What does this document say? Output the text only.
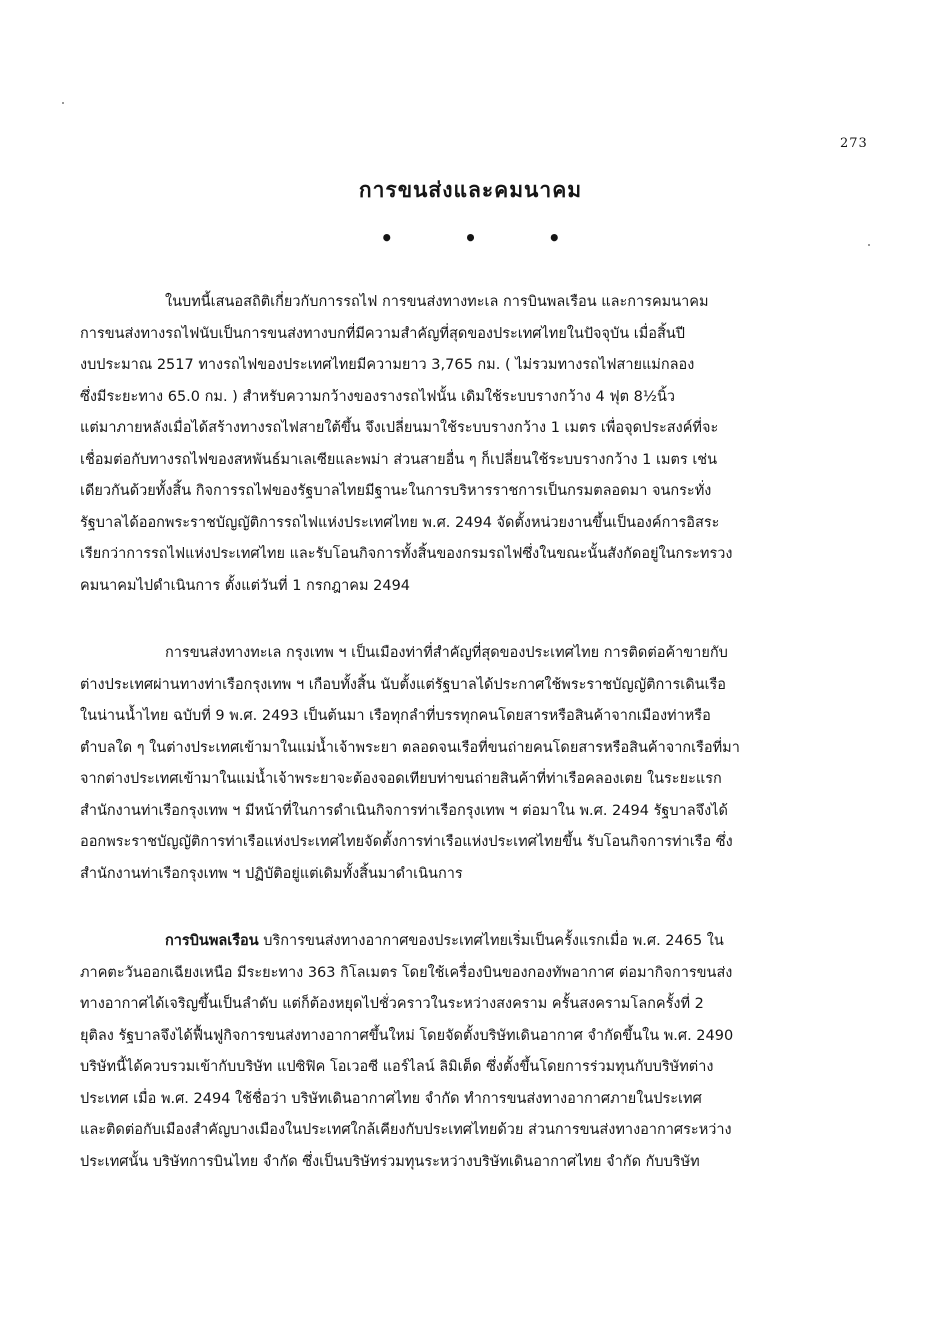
273
การขนส่งและคมนาคม
• • •
ในบทนี้เสนอสถิติเกี่ยวกับการรถไฟ การขนส่งทางทะเล การบินพลเรือน และการคมนาคม
การขนส่งทางรถไฟนับเป็นการขนส่งทางบกที่มีความสำคัญที่สุดของประเทศไทยในปัจจุบัน เมื่อสิ้นปี
งบประมาณ 2517 ทางรถไฟของประเทศไทยมีความยาว 3,765 กม. ( ไม่รวมทางรถไฟสายแม่กลอง
ซึ่งมีระยะทาง 65.0 กม. ) สำหรับความกว้างของรางรถไฟนั้น เดิมใช้ระบบรางกว้าง 4 ฟุต 8½นิ้ว
แต่มาภายหลังเมื่อได้สร้างทางรถไฟสายใต้ขึ้น จึงเปลี่ยนมาใช้ระบบรางกว้าง 1 เมตร เพื่อจุดประสงค์ที่จะ
เชื่อมต่อกับทางรถไฟของสหพันธ์มาเลเซียและพม่า ส่วนสายอื่น ๆ ก็เปลี่ยนใช้ระบบรางกว้าง 1 เมตร เช่น
เดียวกันด้วยทั้งสิ้น กิจการรถไฟของรัฐบาลไทยมีฐานะในการบริหารราชการเป็นกรมตลอดมา จนกระทั่ง
รัฐบาลได้ออกพระราชบัญญัติการรถไฟแห่งประเทศไทย พ.ศ. 2494 จัดตั้งหน่วยงานขึ้นเป็นองค์การอิสระ
เรียกว่าการรถไฟแห่งประเทศไทย และรับโอนกิจการทั้งสิ้นของกรมรถไฟซึ่งในขณะนั้นสังกัดอยู่ในกระทรวง
คมนาคมไปดำเนินการ ตั้งแต่วันที่ 1 กรกฎาคม 2494
การขนส่งทางทะเล กรุงเทพ ฯ เป็นเมืองท่าที่สำคัญที่สุดของประเทศไทย การติดต่อค้าขายกับ
ต่างประเทศผ่านทางท่าเรือกรุงเทพ ฯ เกือบทั้งสิ้น นับตั้งแต่รัฐบาลได้ประกาศใช้พระราชบัญญัติการเดินเรือ
ในน่านน้ำไทย ฉบับที่ 9 พ.ศ. 2493 เป็นต้นมา เรือทุกลำที่บรรทุกคนโดยสารหรือสินค้าจากเมืองท่าหรือ
ตำบลใด ๆ ในต่างประเทศเข้ามาในแม่น้ำเจ้าพระยา ตลอดจนเรือที่ขนถ่ายคนโดยสารหรือสินค้าจากเรือที่มา
จากต่างประเทศเข้ามาในแม่น้ำเจ้าพระยาจะต้องจอดเทียบท่าขนถ่ายสินค้าที่ท่าเรือคลองเตย ในระยะแรก
สำนักงานท่าเรือกรุงเทพ ฯ มีหน้าที่ในการดำเนินกิจการท่าเรือกรุงเทพ ฯ ต่อมาใน พ.ศ. 2494 รัฐบาลจึงได้
ออกพระราชบัญญัติการท่าเรือแห่งประเทศไทยจัดตั้งการท่าเรือแห่งประเทศไทยขึ้น รับโอนกิจการท่าเรือ ซึ่ง
สำนักงานท่าเรือกรุงเทพ ฯ ปฏิบัติอยู่แต่เดิมทั้งสิ้นมาดำเนินการ
การบินพลเรือน บริการขนส่งทางอากาศของประเทศไทยเริ่มเป็นครั้งแรกเมื่อ พ.ศ. 2465 ใน
ภาคตะวันออกเฉียงเหนือ มีระยะทาง 363 กิโลเมตร โดยใช้เครื่องบินของกองทัพอากาศ ต่อมากิจการขนส่ง
ทางอากาศได้เจริญขึ้นเป็นลำดับ แต่ก็ต้องหยุดไปชั่วคราวในระหว่างสงคราม ครั้นสงครามโลกครั้งที่ 2
ยุติลง รัฐบาลจึงได้ฟื้นฟูกิจการขนส่งทางอากาศขึ้นใหม่ โดยจัดตั้งบริษัทเดินอากาศ จำกัดขึ้นใน พ.ศ. 2490
บริษัทนี้ได้ควบรวมเข้ากับบริษัท แปซิฟิค โอเวอซี แอร์ไลน์ ลิมิเต็ด ซึ่งตั้งขึ้นโดยการร่วมทุนกับบริษัทต่าง
ประเทศ เมื่อ พ.ศ. 2494 ใช้ชื่อว่า บริษัทเดินอากาศไทย จำกัด ทำการขนส่งทางอากาศภายในประเทศ
และติดต่อกับเมืองสำคัญบางเมืองในประเทศใกล้เคียงกับประเทศไทยด้วย ส่วนการขนส่งทางอากาศระหว่าง
ประเทศนั้น บริษัทการบินไทย จำกัด ซึ่งเป็นบริษัทร่วมทุนระหว่างบริษัทเดินอากาศไทย จำกัด กับบริษัท
